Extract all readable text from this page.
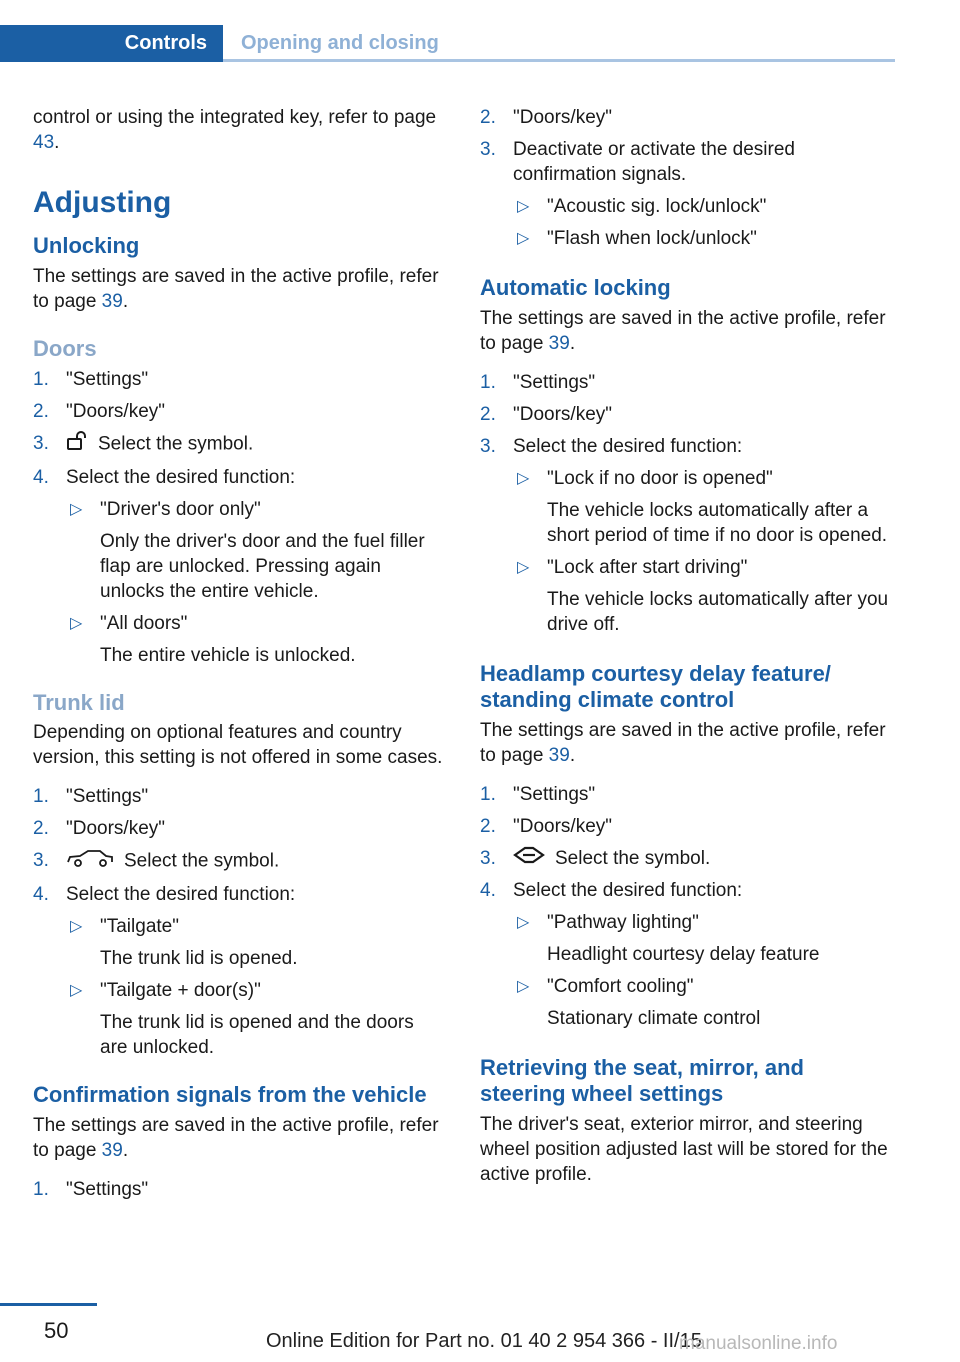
Controls	Opening and closing

control or using the integrated key, refer to page 43.

Adjusting
Unlocking

The settings are saved in the active profile, refer to page 39.

Doors
1. "Settings"
2. "Doors/key"
3.	Select the symbol.
4. Select the desired function:
▷ "Driver's door only"

Only the driver's door and the fuel filler flap are unlocked. Pressing again unlocks the entire vehicle.

▷ "All doors"

The entire vehicle is unlocked.

Trunk lid

Depending on optional features and country version, this setting is not offered in some cases.

1. "Settings"
2. "Doors/key"
3.	Select the symbol.
4. Select the desired function:
▷ "Tailgate"

The trunk lid is opened.

▷ "Tailgate + door(s)"

The trunk lid is opened and the doors are unlocked.

Confirmation signals from the vehicle

The settings are saved in the active profile, refer to page 39.

1. "Settings"
2. "Doors/key"
3. Deactivate or activate the desired confirmation signals.
▷ "Acoustic sig. lock/unlock"
▷ "Flash when lock/unlock"
Automatic locking

The settings are saved in the active profile, refer to page 39.

1. "Settings"
2. "Doors/key"
3. Select the desired function:
▷ "Lock if no door is opened"

The vehicle locks automatically after a short period of time if no door is opened.

▷ "Lock after start driving"

The vehicle locks automatically after you drive off.

Headlamp courtesy delay feature/ standing climate control

The settings are saved in the active profile, refer to page 39.

1. "Settings"
2. "Doors/key"
3.	Select the symbol.
4. Select the desired function:
▷ "Pathway lighting"

Headlight courtesy delay feature

▷ "Comfort cooling"

Stationary climate control

Retrieving the seat, mirror, and steering wheel settings

The driver's seat, exterior mirror, and steering wheel position adjusted last will be stored for the active profile.

50	Online Edition for Part no. 01 40 2 954 366 - II/15
manualsonline.info
